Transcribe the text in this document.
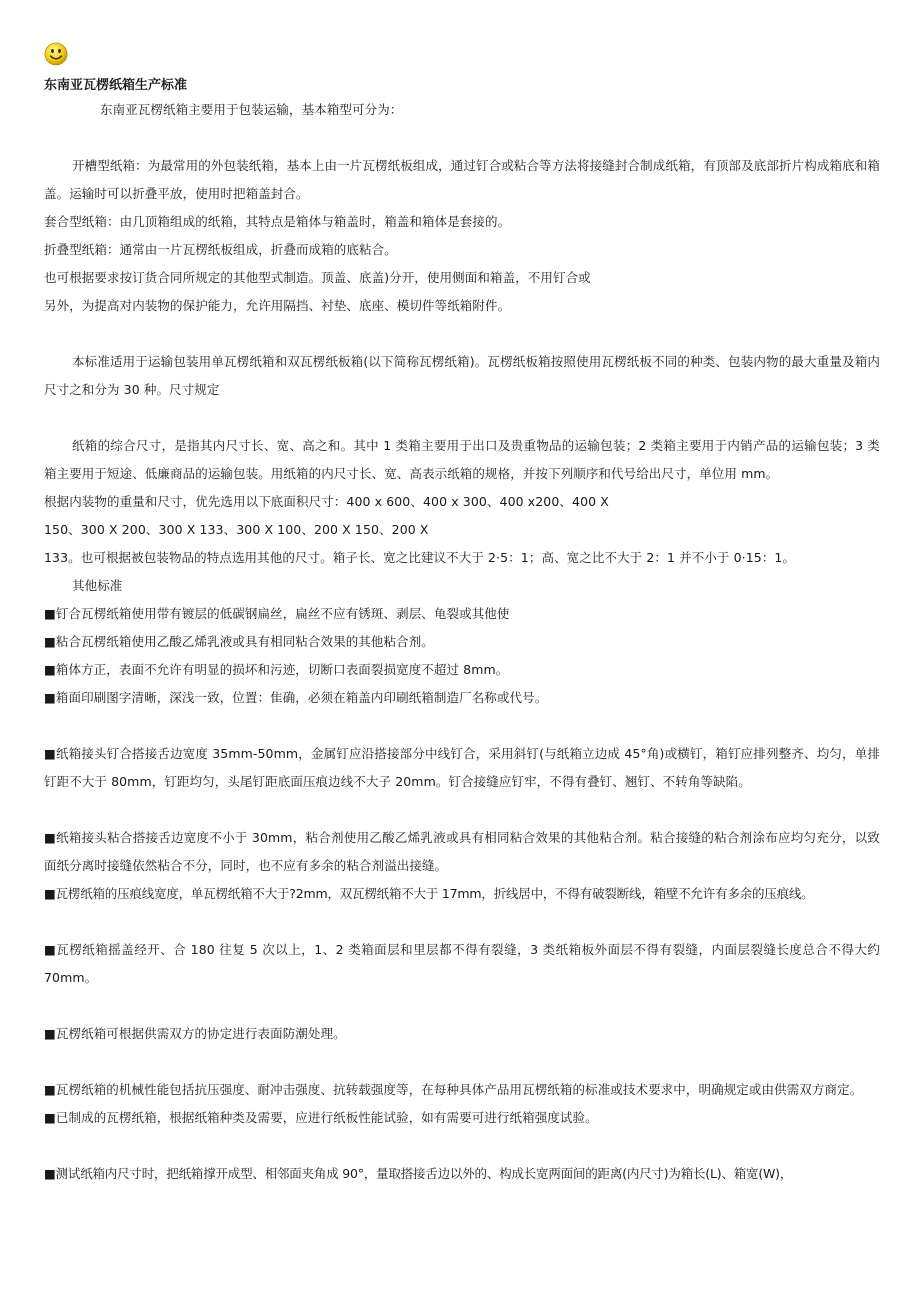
东南亚瓦楞纸箱生产标准

东南亚瓦楞纸箱主要用于包装运输，基本箱型可分为：

开槽型纸箱：为最常用的外包装纸箱，基本上由一片瓦楞纸板组成，通过钉合或粘合等方法将接缝封合制成纸箱，有顶部及底部折片构成箱底和箱盖。运输时可以折叠平放，使用时把箱盖封合。

套合型纸箱：由几顶箱组成的纸箱，其特点是箱体与箱盖时，箱盖和箱体是套接的。

折叠型纸箱：通常由一片瓦楞纸板组成，折叠而成箱的底粘合。

也可根据要求按订货合同所规定的其他型式制造。顶盖、底盖)分开，使用侧面和箱盖，不用钉合或

另外，为提高对内装物的保护能力，允许用隔挡、衬垫、底座、模切件等纸箱附件。

本标准适用于运输包装用单瓦楞纸箱和双瓦楞纸板箱(以下简称瓦楞纸箱)。瓦楞纸板箱按照使用瓦楞纸板不同的种类、包装内物的最大重量及箱内尺寸之和分为 30 种。尺寸规定

纸箱的综合尺寸，是指其内尺寸长、宽、高之和。其中 1 类箱主要用于出口及贵重物品的运输包装；2 类箱主要用于内销产品的运输包装；3 类箱主要用于短途、低廉商品的运输包装。用纸箱的内尺寸长、宽、高表示纸箱的规格，并按下列顺序和代号给出尺寸，单位用 mm。

根据内装物的重量和尺寸，优先选用以下底面积尺寸：400 x 600、400 x 300、400 x200、400 X

150、300 X 200、300 X 133、300 X 100、200 X 150、200 X

133。也可根据被包装物品的特点选用其他的尺寸。箱子长、宽之比建议不大于 2·5：1；高、宽之比不大于 2：1 并不小于 0·15：1。

其他标准

■钉合瓦楞纸箱使用带有镀层的低碳钢扁丝，扁丝不应有锈斑、剥层、龟裂或其他使

■粘合瓦楞纸箱使用乙酸乙烯乳液或具有相同粘合效果的其他粘合剂。

■箱体方正，表面不允许有明显的损坏和污迹，切断口表面裂损宽度不超过 8mm。

■箱面印刷图字清晰，深浅一致，位置：隹确，必须在箱盖内印刷纸箱制造厂名称或代号。

■纸箱接头钉合搭接舌边宽度 35mm-50mm，金属钉应沿搭接部分中线钉合，采用斜钉(与纸箱立边成 45°角)或横钉，箱钉应排列整齐、均匀，单排钉距不大于 80mm，钉距均匀，头尾钉距底面压痕边线不大子 20mm。钉合接缝应钉牢，不得有叠钉、翘钉、不转角等缺陷。

■纸箱接头粘合搭接舌边宽度不小于 30mm，粘合剂使用乙酸乙烯乳液或具有相同粘合效果的其他粘合剂。粘合接缝的粘合剂涂布应均匀充分，以致面纸分离时接缝依然粘合不分，同时，也不应有多余的粘合剂溢出接缝。

■瓦楞纸箱的压痕线宽度，单瓦楞纸箱不大于?2mm，双瓦楞纸箱不大于 17mm，折线居中，不得有破裂断线，箱壁不允许有多余的压痕线。

■瓦楞纸箱摇盖经开、合 180 往复 5 次以上，1、2 类箱面层和里层都不得有裂缝，3 类纸箱板外面层不得有裂缝，内面层裂缝长度总合不得大约 70mm。

■瓦楞纸箱可根据供需双方的协定进行表面防潮处理。

■瓦楞纸箱的机械性能包括抗压强度、耐冲击强度、抗转载强度等，在每种具体产品用瓦楞纸箱的标准或技术要求中，明确规定或由供需双方商定。

■已制成的瓦楞纸箱，根据纸箱种类及需要，应进行纸板性能试验，如有需要可进行纸箱强度试验。

■测试纸箱内尺寸时，把纸箱撑开成型、相邻面夹角成 90°，量取搭接舌边以外的、构成长宽两面间的距离(内尺寸)为箱长(L)、箱宽(W)，
